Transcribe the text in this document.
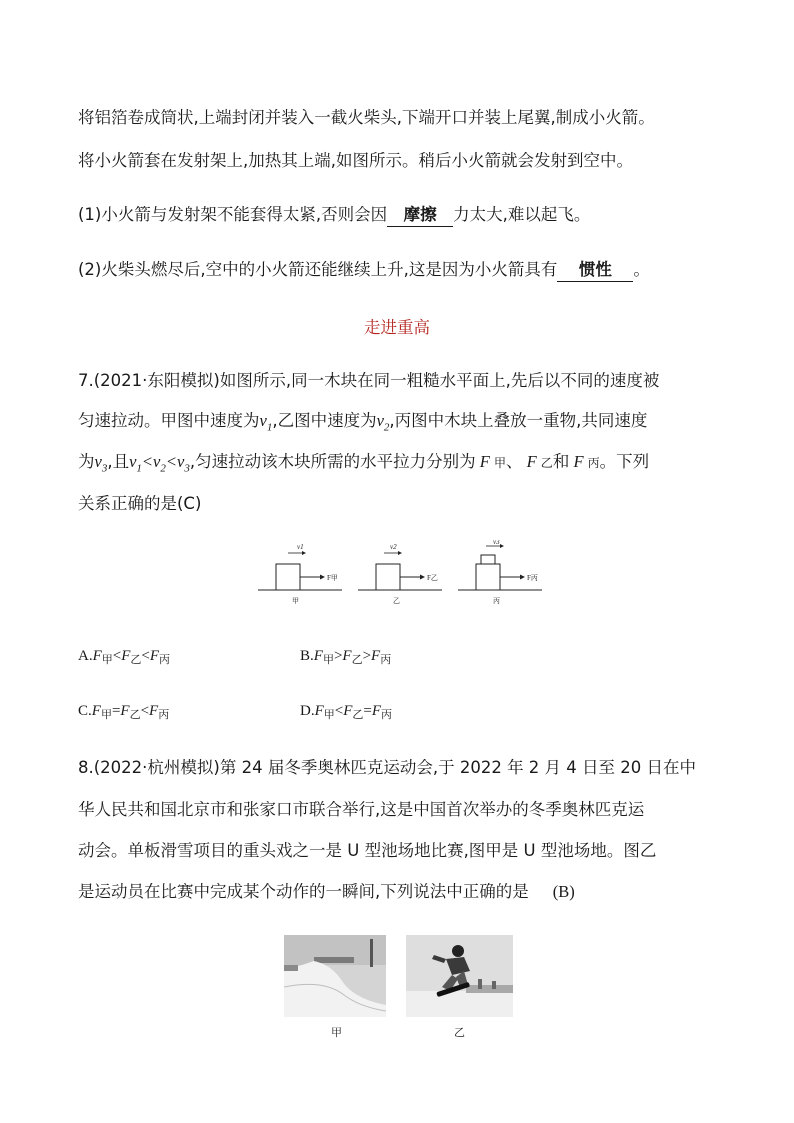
将铝箔卷成筒状,上端封闭并装入一截火柴头,下端开口并装上尾翼,制成小火箭。
将小火箭套在发射架上,加热其上端,如图所示。稍后小火箭就会发射到空中。
(1)小火箭与发射架不能套得太紧,否则会因 摩擦 力太大,难以起飞。
(2)火柴头燃尽后,空中的小火箭还能继续上升,这是因为小火箭具有 惯性 。
走进重高
7.(2021·东阳模拟)如图所示,同一木块在同一粗糙水平面上,先后以不同的速度被
匀速拉动。甲图中速度为$v_1$,乙图中速度为$v_2$,丙图中木块上叠放一重物,共同速度
为$v_3$,且$v_1<v_2<v_3$,匀速拉动该木块所需的水平拉力分别为 F 甲、 F 乙和 F 丙。下列
关系正确的是(C)
F甲
v1
甲
F乙
v2
乙
F丙
v3
丙
$A.F_甲<F_乙<F_丙$	$B.F_甲>F_乙>F_丙$
$C.F_甲=F_乙<F_丙$	$D.F_甲<F_乙=F_丙$
8.(2022·杭州模拟)第 24 届冬季奥林匹克运动会,于 2022 年 2 月 4 日至 20 日在中
华人民共和国北京市和张家口市联合举行,这是中国首次举办的冬季奥林匹克运
动会。单板滑雪项目的重头戏之一是 U 型池场地比赛,图甲是 U 型池场地。图乙
是运动员在比赛中完成某个动作的一瞬间,下列说法中正确的是 (B)
甲	乙
